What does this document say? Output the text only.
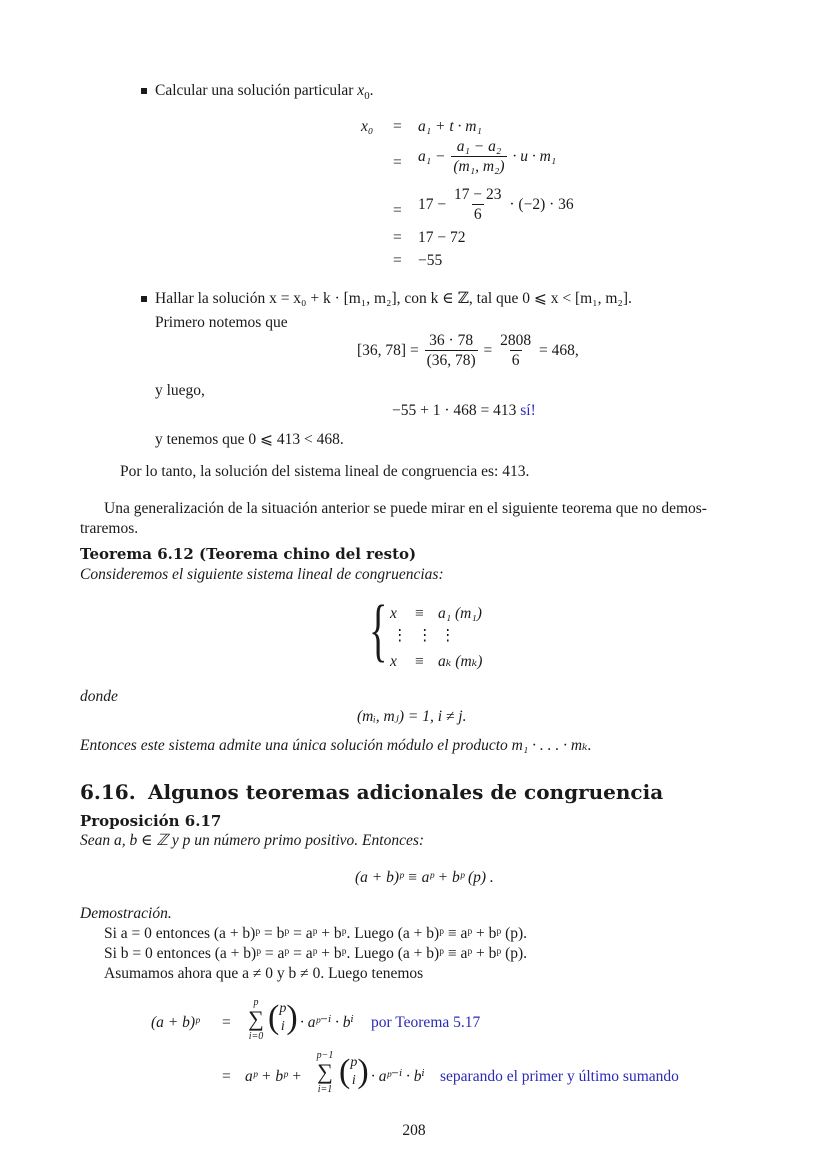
Calcular una solución particular $x_0$.
x₀ = a₁ + t · m₁
= $a_1 - \frac{\text{a₁ − a₂}}{\text{(m₁, m₂)}} \cdot u \cdot m_1$
= $17 - \frac{17 - 23}{6} \cdot (-2) \cdot 36$
= 17 − 72
= −55
Hallar la solución x = x₀ + k · [m₁, m₂], con k ∈ ℤ, tal que 0 ⩽ x < [m₁, m₂].
Primero notemos que
[36, $78] = \frac{36 \cdot 78}{(36, 78)} = \frac{2808}{6} = 468$,
y luego,
−55 + 1 · 468 = 413 sí!
y tenemos que 0 ⩽ 413 < 468.
Por lo tanto, la solución del sistema lineal de congruencia es: 413.
Una generalización de la situación anterior se puede mirar en el siguiente teorema que no demos-
traremos.
Teorema 6.12 (Teorema chino del resto)
Consideremos el siguiente sistema lineal de congruencias:
{ x ≡ a₁ (m₁)
⋮ ⋮ ⋮
x ≡ aₖ (mₖ)
donde
(mᵢ, mⱼ) = 1, i ≠ j.
Entonces este sistema admite una única solución módulo el producto m₁ · . . . · mₖ.
6.16. Algunos teoremas adicionales de congruencia
Proposición 6.17
Sean a, b ∈ ℤ y p un número primo positivo. Entonces:
(a + b)ᵖ ≡ aᵖ + bᵖ (p) .
Demostración.
Si a = 0 entonces (a + b)ᵖ = bᵖ = aᵖ + bᵖ. Luego (a + b)ᵖ ≡ aᵖ + bᵖ (p).
Si b = 0 entonces (a + b)ᵖ = aᵖ = aᵖ + bᵖ. Luego (a + b)ᵖ ≡ aᵖ + bᵖ (p).
Asumamos ahora que a ≠ 0 y b ≠ 0. Luego tenemos
(a + b)ᵖ =
p
∑
i=0
( p
i ) · aᵖ⁻ⁱ · bⁱ por Teorema 5.17
= aᵖ + bᵖ +
p−1
∑
i=1 ( p
i ) · aᵖ⁻ⁱ · bⁱ separando el primer y último sumando
208
